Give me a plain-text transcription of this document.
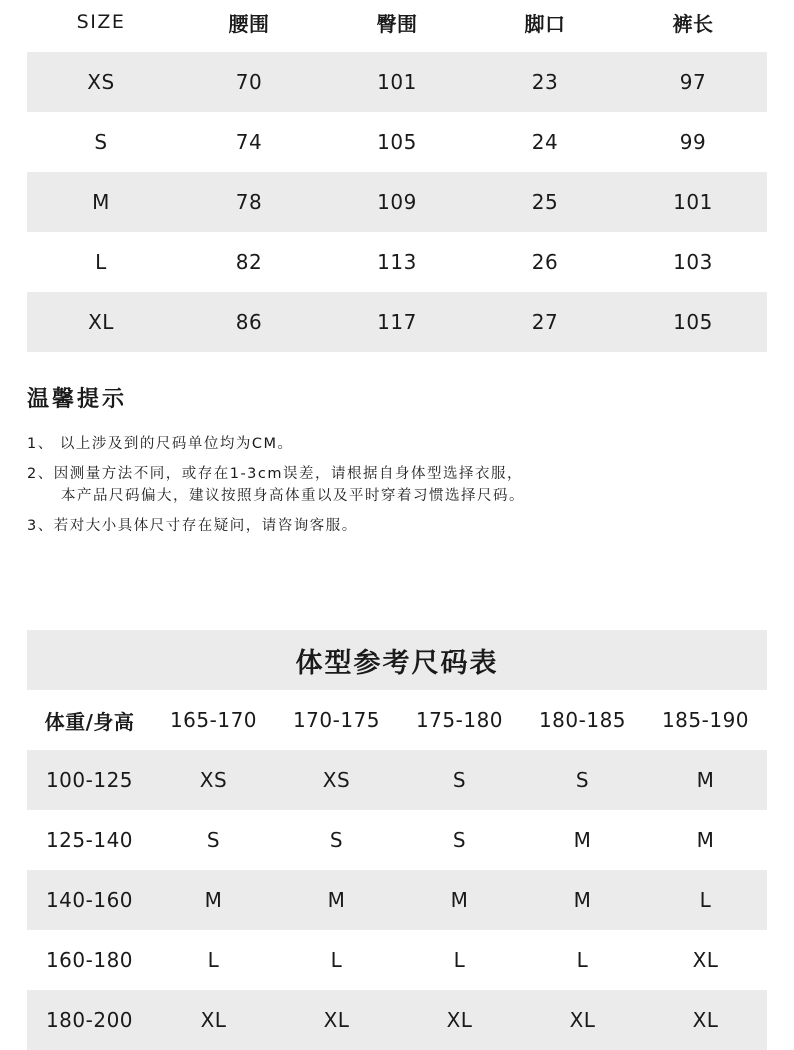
SIZE	腰围	臀围	脚口	裤长
XS	70	101	23	97
S	74	105	24	99
M	78	109	25	101
L	82	113	26	103
XL	86	117	27	105
温馨提示
1、 以上涉及到的尺码单位均为CM。
2、因测量方法不同，或存在1-3cm误差，请根据自身体型选择衣服，
本产品尺码偏大，建议按照身高体重以及平时穿着习惯选择尺码。
3、若对大小具体尺寸存在疑问，请咨询客服。
体型参考尺码表
体重/身高	165-170	170-175	175-180	180-185	185-190
100-125	XS	XS	S	S	M
125-140	S	S	S	M	M
140-160	M	M	M	M	L
160-180	L	L	L	L	XL
180-200	XL	XL	XL	XL	XL
